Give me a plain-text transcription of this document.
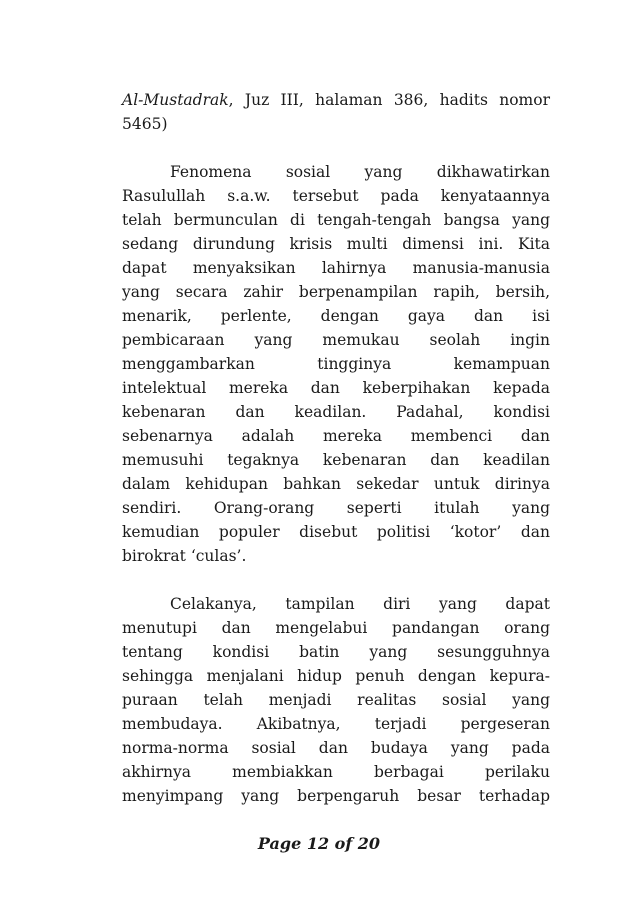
Al-Mustadrak, Juz III, halaman 386, hadits nomor
5465)
Fenomena sosial yang dikhawatirkan
Rasulullah s.a.w. tersebut pada kenyataannya
telah bermunculan di tengah-tengah bangsa yang
sedang dirundung krisis multi dimensi ini. Kita
dapat menyaksikan lahirnya manusia-manusia
yang secara zahir berpenampilan rapih, bersih,
menarik, perlente, dengan gaya dan isi
pembicaraan yang memukau seolah ingin
menggambarkan tingginya kemampuan
intelektual mereka dan keberpihakan kepada
kebenaran dan keadilan. Padahal, kondisi
sebenarnya adalah mereka membenci dan
memusuhi tegaknya kebenaran dan keadilan
dalam kehidupan bahkan sekedar untuk dirinya
sendiri. Orang-orang seperti itulah yang
kemudian populer disebut politisi ‘kotor’ dan
birokrat ‘culas’.
Celakanya, tampilan diri yang dapat
menutupi dan mengelabui pandangan orang
tentang kondisi batin yang sesungguhnya
sehingga menjalani hidup penuh dengan kepura-
puraan telah menjadi realitas sosial yang
membudaya. Akibatnya, terjadi pergeseran
norma-norma sosial dan budaya yang pada
akhirnya membiakkan berbagai perilaku
menyimpang yang berpengaruh besar terhadap
Page 12 of 20
